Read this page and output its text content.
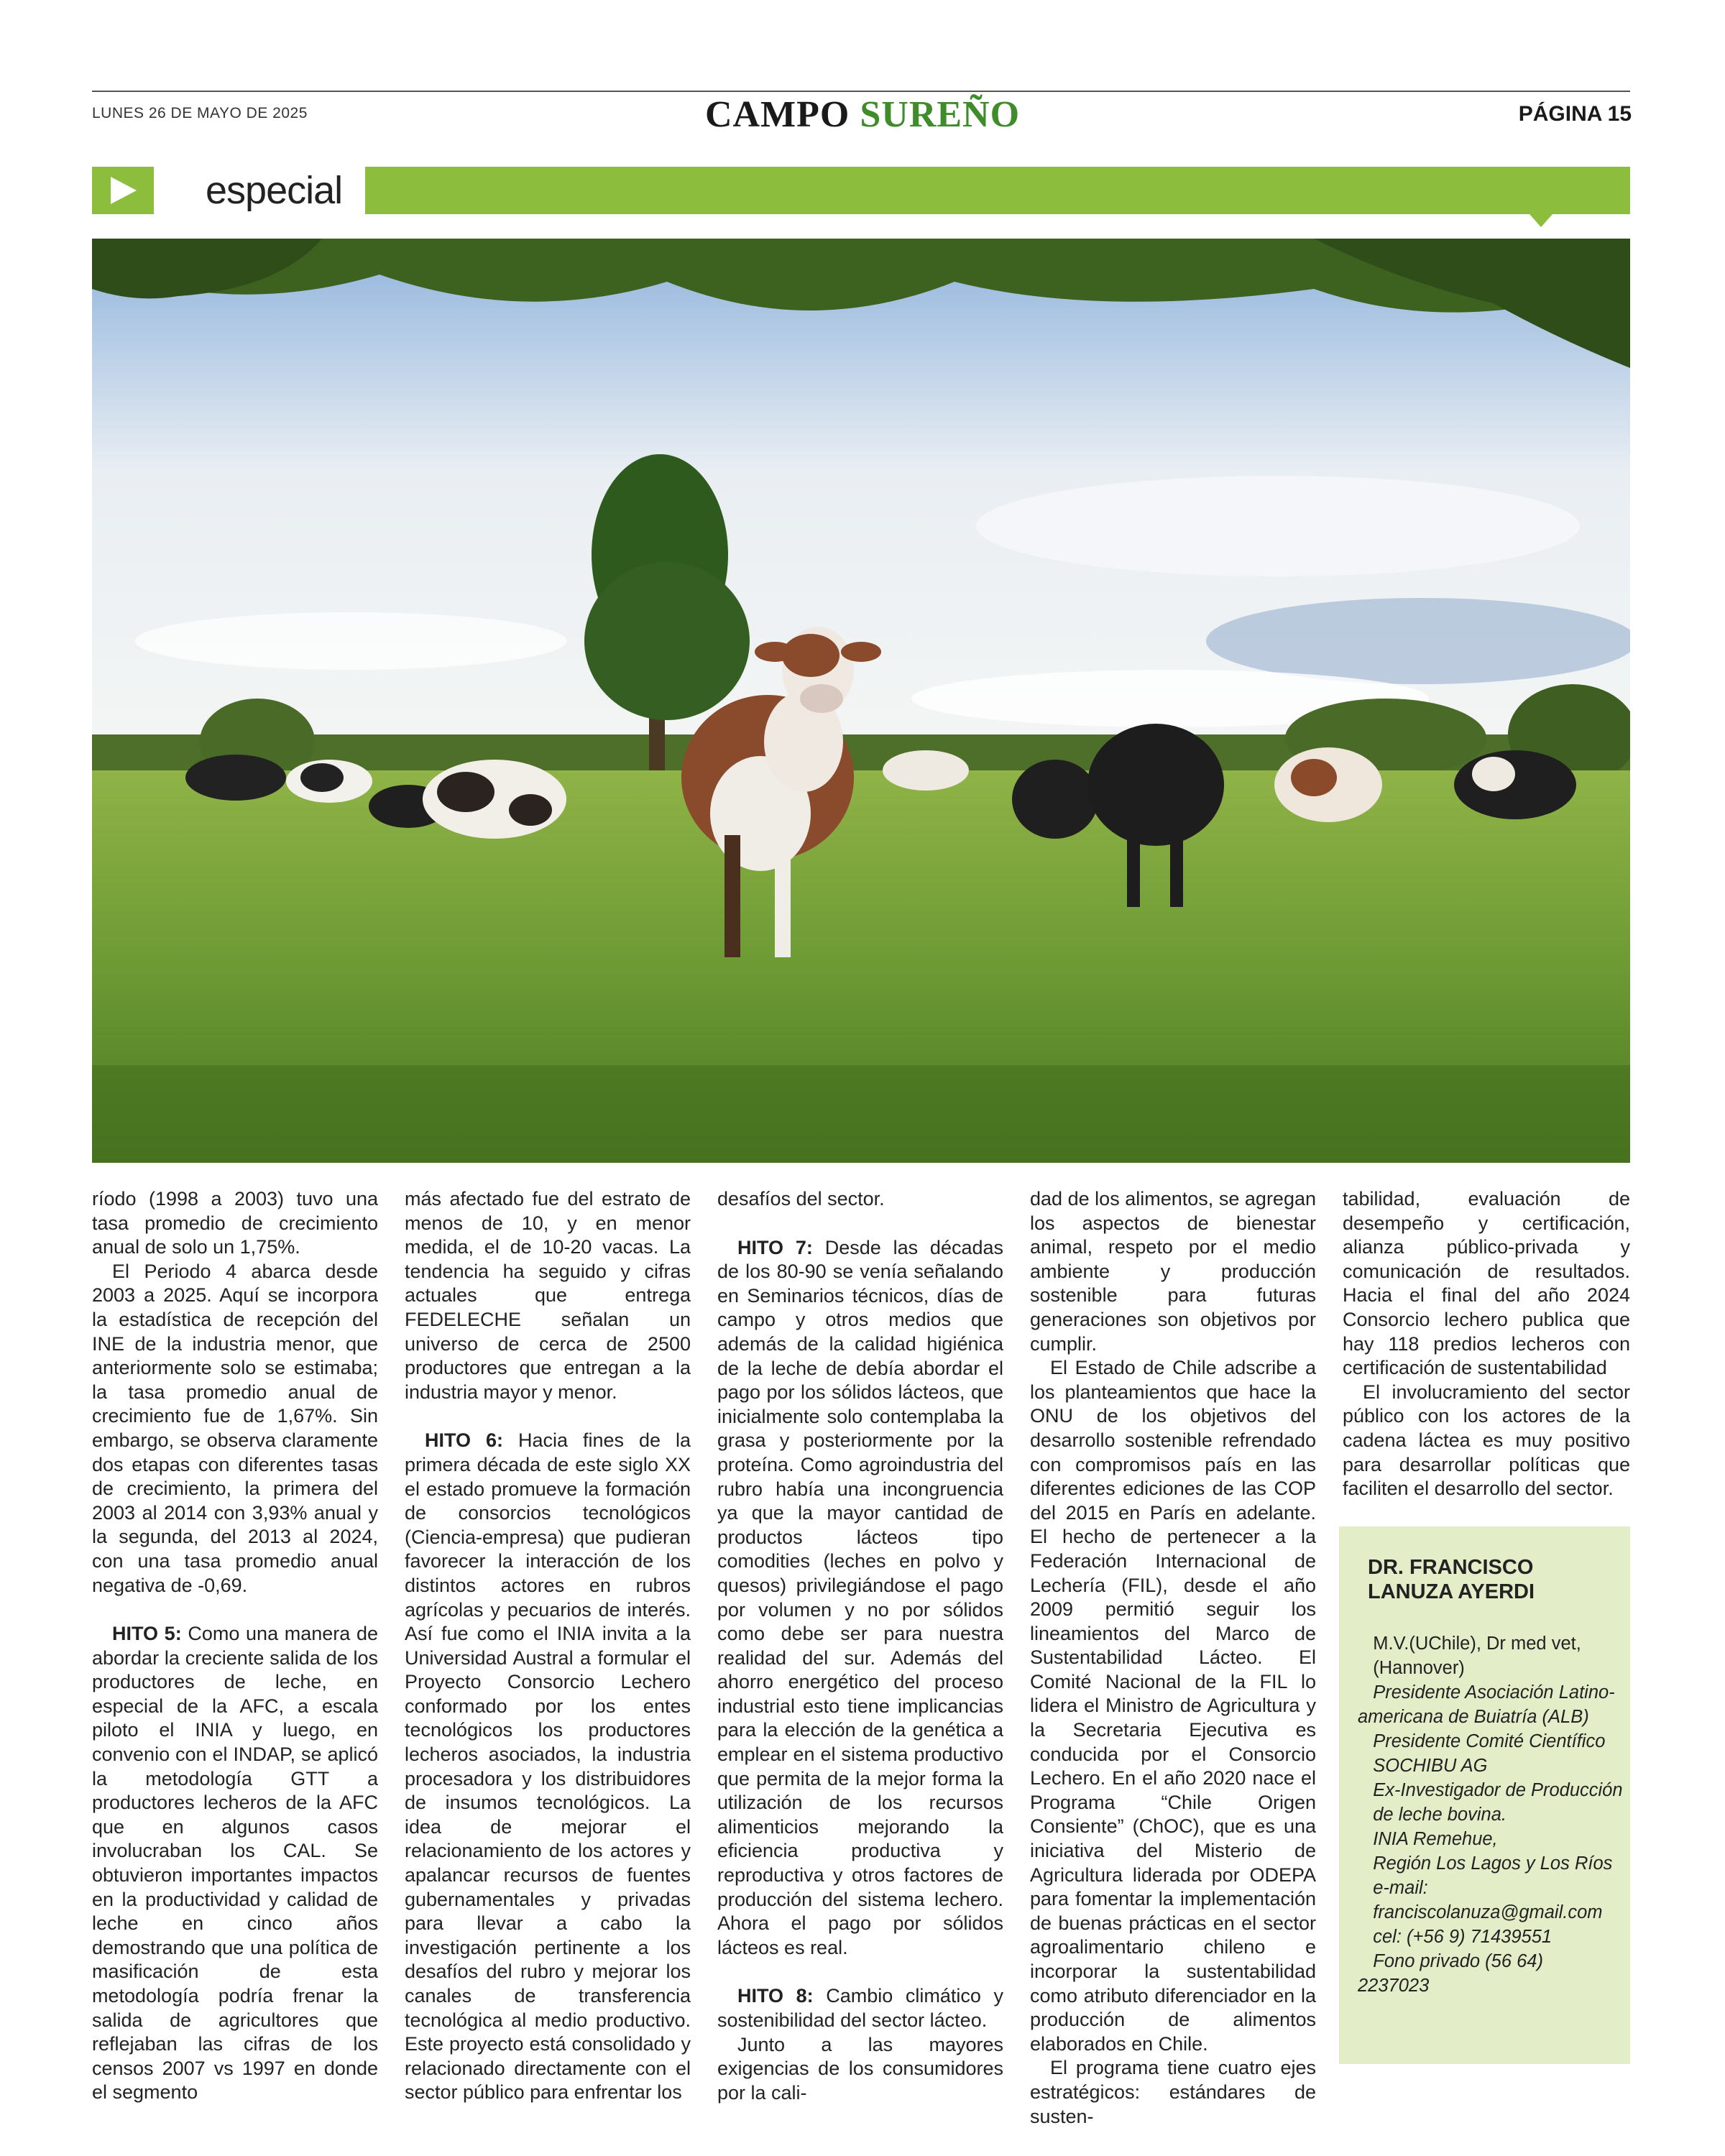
LUNES 26 DE MAYO DE 2025	CAMPO SUREÑO	PÁGINA 15
especial

ríodo (1998 a 2003) tuvo una tasa promedio de crecimiento anual de solo un 1,75%.

El Periodo 4 abarca desde 2003 a 2025. Aquí se incorpora la estadística de recepción del INE de la industria menor, que anteriormente solo se estimaba; la tasa promedio anual de crecimiento fue de 1,67%. Sin embargo, se observa claramente dos etapas con diferentes tasas de crecimiento, la primera del 2003 al 2014 con 3,93% anual y la segunda, del 2013 al 2024, con una tasa promedio anual negativa de -0,69.

HITO 5: Como una manera de abordar la creciente salida de los productores de leche, en especial de la AFC, a escala piloto el INIA y luego, en convenio con el INDAP, se aplicó la metodología GTT a productores lecheros de la AFC que en algunos casos involucraban los CAL. Se obtuvieron importantes impactos en la productividad y calidad de leche en cinco años demostrando que una política de masificación de esta metodología podría frenar la salida de agricultores que reflejaban las cifras de los censos 2007 vs 1997 en donde el segmento

más afectado fue del estrato de menos de 10, y en menor medida, el de 10-20 vacas. La tendencia ha seguido y cifras actuales que entrega FEDELECHE señalan un universo de cerca de 2500 productores que entregan a la industria mayor y menor.

HITO 6: Hacia fines de la primera década de este siglo XX el estado promueve la formación de consorcios tecnológicos (Ciencia-empresa) que pudieran favorecer la interacción de los distintos actores en rubros agrícolas y pecuarios de interés. Así fue como el INIA invita a la Universidad Austral a formular el Proyecto Consorcio Lechero conformado por los entes tecnológicos los productores lecheros asociados, la industria procesadora y los distribuidores de insumos tecnológicos. La idea de mejorar el relacionamiento de los actores y apalancar recursos de fuentes gubernamentales y privadas para llevar a cabo la investigación pertinente a los desafíos del rubro y mejorar los canales de transferencia tecnológica al medio productivo. Este proyecto está consolidado y relacionado directamente con el sector público para enfrentar los

desafíos del sector.

HITO 7: Desde las décadas de los 80-90 se venía señalando en Seminarios técnicos, días de campo y otros medios que además de la calidad higiénica de la leche de debía abordar el pago por los sólidos lácteos, que inicialmente solo contemplaba la grasa y posteriormente por la proteína. Como agroindustria del rubro había una incongruencia ya que la mayor cantidad de productos lácteos tipo comodities (leches en polvo y quesos) privilegiándose el pago por volumen y no por sólidos como debe ser para nuestra realidad del sur. Además del ahorro energético del proceso industrial esto tiene implicancias para la elección de la genética a emplear en el sistema productivo que permita de la mejor forma la utilización de los recursos alimenticios mejorando la eficiencia productiva y reproductiva y otros factores de producción del sistema lechero. Ahora el pago por sólidos lácteos es real.

HITO 8: Cambio climático y sostenibilidad del sector lácteo.

Junto a las mayores exigencias de los consumidores por la cali-

dad de los alimentos, se agregan los aspectos de bienestar animal, respeto por el medio ambiente y producción sostenible para futuras generaciones son objetivos por cumplir.

El Estado de Chile adscribe a los planteamientos que hace la ONU de los objetivos del desarrollo sostenible refrendado con compromisos país en las diferentes ediciones de las COP del 2015 en París en adelante. El hecho de pertenecer a la Federación Internacional de Lechería (FIL), desde el año 2009 permitió seguir los lineamientos del Marco de Sustentabilidad Lácteo. El Comité Nacional de la FIL lo lidera el Ministro de Agricultura y la Secretaria Ejecutiva es conducida por el Consorcio Lechero. En el año 2020 nace el Programa “Chile Origen Consiente” (ChOC), que es una iniciativa del Misterio de Agricultura liderada por ODEPA para fomentar la implementación de buenas prácticas en el sector agroalimentario chileno e incorporar la sustentabilidad como atributo diferenciador en la producción de alimentos elaborados en Chile.

El programa tiene cuatro ejes estratégicos: estándares de susten-

tabilidad, evaluación de desempeño y certificación, alianza público-privada y comunicación de resultados. Hacia el final del año 2024 Consorcio lechero publica que hay 118 predios lecheros con certificación de sustentabilidad

El involucramiento del sector público con los actores de la cadena láctea es muy positivo para desarrollar políticas que faciliten el desarrollo del sector.

DR. FRANCISCO
LANUZA AYERDI
M.V.(UChile), Dr med vet,
(Hannover)
Presidente Asociación Latino-
americana de Buiatría (ALB)
Presidente Comité Científico
SOCHIBU AG
Ex-Investigador de Producción
de leche bovina.
INIA Remehue,
Región Los Lagos y Los Ríos
e-mail:
franciscolanuza@gmail.com
cel: (+56 9) 71439551
Fono privado (56 64)
2237023
